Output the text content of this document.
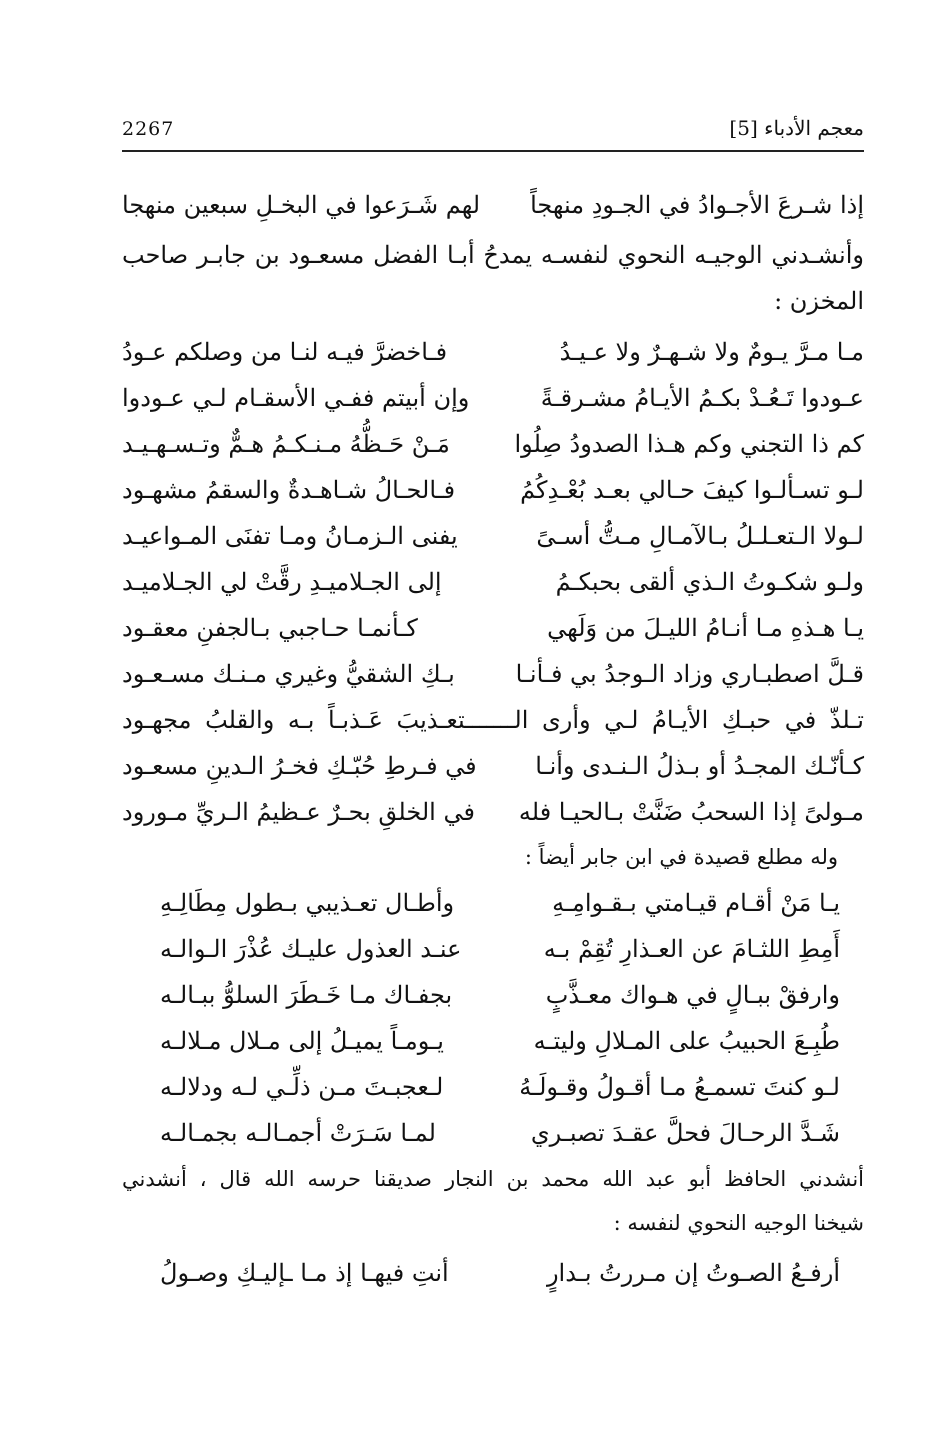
2267	معجم الأدباء [5]
إذا شـرعَ الأجـوادُ في الجـودِ منهجاً
لهم شَـرَعوا في البخـلِ سبعين منهجا
وأنشـدني الوجيـه النحوي لنفسـه يمدحُ أبـا الفضل مسعـود بن جابـر صاحب
المخزن :
مـا مـرَّ يـومٌ ولا شـهـرٌ ولا عـيـدُ
فـاخضرَّ فيـه لنـا من وصلكم عـودُ
عـودوا تَـعُـدْ بكـمُ الأيـامُ مشـرقـةً
وإن أبيتم ففـي الأسقـام لـي عـودوا
كم ذا التجني وكم هـذا الصدودُ صِلُوا
مَـنْ حَـظُّهُ مـنـكـمُ هـمٌّ وتـسـهـيـد
لـو تسـألـوا كيفَ حـالي بعـد بُعْـدِكُمُ
فـالحـالُ شـاهـدةٌ والسقمُ مشهـود
لـولا الـتعـلـلُ بـالآمـالِ مـتُّ أسـىً
يفنى الـزمـانُ ومـا تفنَى المـواعيـد
ولـو شكـوتُ الـذي ألقى بحبكـمُ
إلى الجـلاميـدِ رقَّتْ لي الجـلاميـد
يـا هـذهِ مـا أنـامُ الليـلَ من وَلَهي
كـأنمـا حـاجبي بـالجفنِ معقـود
قـلَّ اصطبـاري وزاد الـوجدُ بي فـأنـا
بـكِ الشقيُّ وغيري مـنـك مسـعـود
تـلذّ في حبـكِ الأيـامُ لـي وأرى الـــــــتعـذيبَ عَـذبـاً بـه والقلبُ مجهـود
كـأنّـك المجـدُ أو بـذلُ الـنـدى وأنـا
في فـرطِ حُبّـكِ فخـرُ الـدينِ مسعـود
مـولىً إذا السحبُ ضَنَّتْ بـالحيـا فله
في الخلقِ بحـرٌ عـظيمُ الـريِّ مـورود
وله مطلع قصيدة في ابن جابر أيضاً :
يـا مَنْ أقـام قيـامتي بـقـوامِـهِ
وأطـال تعـذيبي بـطول مِطَالِـهِ
أَمِطِ اللثـامَ عن العـذارِ تُقِمْ بـه
عنـد العذول عليـك عُذْرَ الـوالـه
وارفقْ ببـالٍ في هـواك معـذَّبٍ
بجفـاك مـا خَـطَرَ السلوُّ ببـالـه
طُبِـعَ الحبيبُ على المـلالِ وليتـه
يـومـاً يميـلُ إلى مـلال مـلالـه
لـو كنتَ تسمـعُ مـا أقـولُ وقـولَـهُ
لـعجبـتَ مـن ذلِّـي لـه ودلالـه
شَـدَّ الرحـالَ فحلَّ عقـدَ تصبـري
لمـا سَـرَتْ أجمـالـه بجمـالـه
أنشدني الحافظ أبو عبد الله محمد بن النجار صديقنا حرسه الله قال ، أنشدني
شيخنا الوجيه النحوي لنفسه :
أرفـعُ الصـوتُ إن مـررتُ بـدارٍ
أنتِ فيهـا إذ مـا ـإليـكِ وصـولُ
